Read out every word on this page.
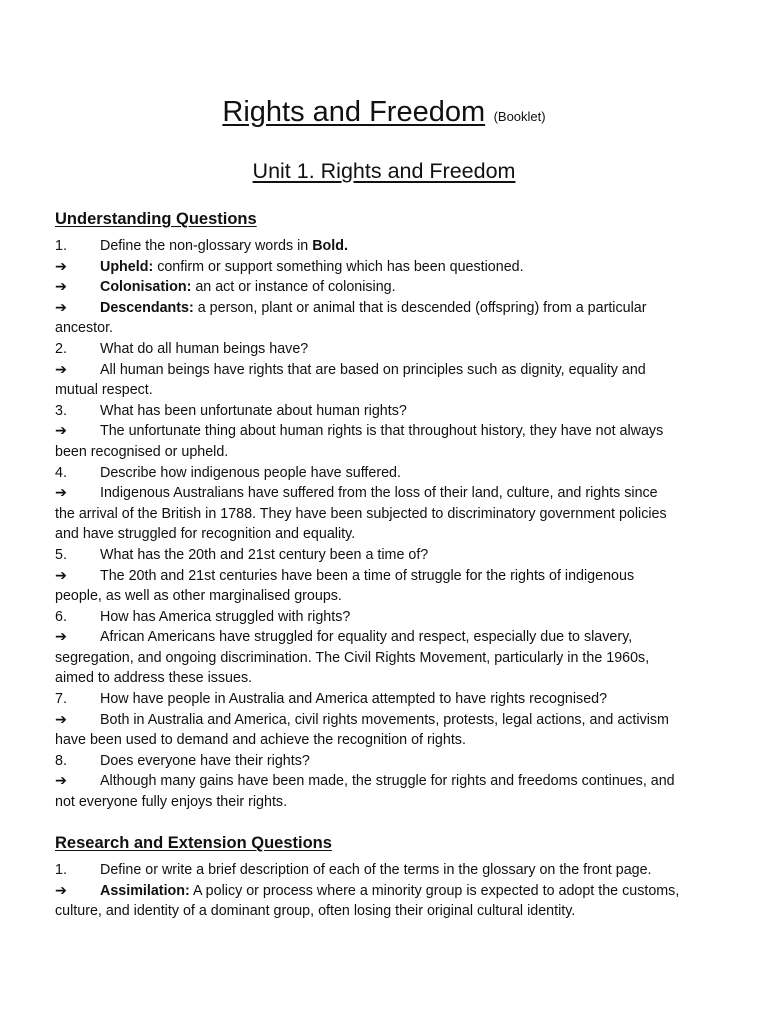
Rights and Freedom (Booklet)
Unit 1. Rights and Freedom
Understanding Questions
1. Define the non-glossary words in Bold.
➔ Upheld: confirm or support something which has been questioned.
➔ Colonisation: an act or instance of colonising.
➔ Descendants: a person, plant or animal that is descended (offspring) from a particular
ancestor.
2. What do all human beings have?
➔ All human beings have rights that are based on principles such as dignity, equality and
mutual respect.
3. What has been unfortunate about human rights?
➔ The unfortunate thing about human rights is that throughout history, they have not always
been recognised or upheld.
4. Describe how indigenous people have suffered.
➔ Indigenous Australians have suffered from the loss of their land, culture, and rights since
the arrival of the British in 1788. They have been subjected to discriminatory government policies
and have struggled for recognition and equality.
5. What has the 20th and 21st century been a time of?
➔ The 20th and 21st centuries have been a time of struggle for the rights of indigenous
people, as well as other marginalised groups.
6. How has America struggled with rights?
➔ African Americans have struggled for equality and respect, especially due to slavery,
segregation, and ongoing discrimination. The Civil Rights Movement, particularly in the 1960s,
aimed to address these issues.
7. How have people in Australia and America attempted to have rights recognised?
➔ Both in Australia and America, civil rights movements, protests, legal actions, and activism
have been used to demand and achieve the recognition of rights.
8. Does everyone have their rights?
➔ Although many gains have been made, the struggle for rights and freedoms continues, and
not everyone fully enjoys their rights.
Research and Extension Questions
1. Define or write a brief description of each of the terms in the glossary on the front page.
➔ Assimilation: A policy or process where a minority group is expected to adopt the customs,
culture, and identity of a dominant group, often losing their original cultural identity.
